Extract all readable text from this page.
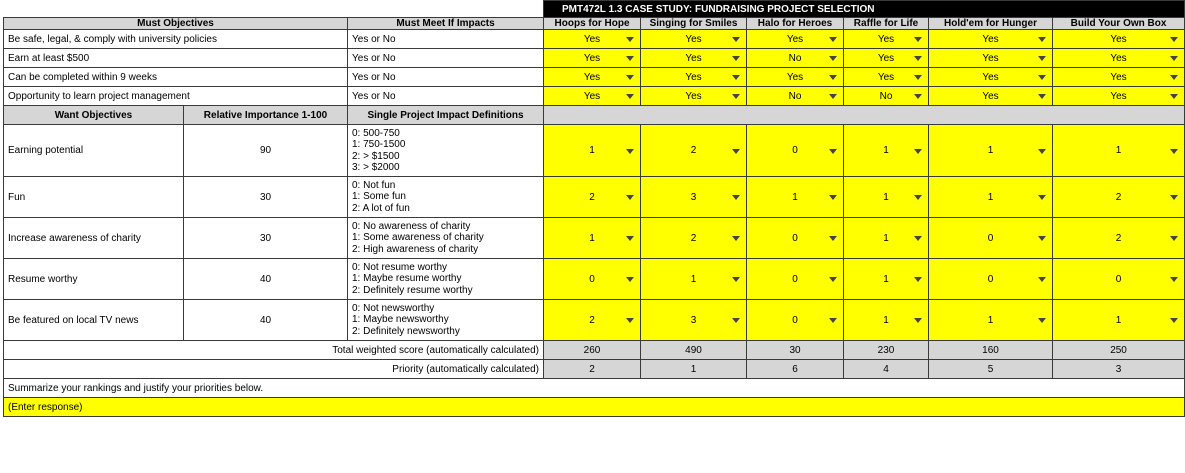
			PMT472L 1.3 CASE STUDY: FUNDRAISING PROJECT SELECTION					
Must Objectives		Must Meet If Impacts	Hoops for Hope	Singing for Smiles	Halo for Heroes	Raffle for Life	Hold'em for Hunger	Build Your Own Box
Be safe, legal, & comply with university policies		Yes or No	Yes	Yes	Yes	Yes	Yes	Yes

Earn at least $500		Yes or No	Yes	Yes	No	Yes	Yes	Yes

Can be completed within 9 weeks		Yes or No	Yes	Yes	Yes	Yes	Yes	Yes

Opportunity to learn project management		Yes or No	Yes	Yes	No	No	Yes	Yes

Want Objectives	Relative Importance 1-100	Single Project Impact Definitions						
Earning potential	90	0: 500-750
1: 750-1500
2: > $1500
3: > $2000	1	2	0	1	1	1

Fun	30	0: Not fun
1: Some fun
2: A lot of fun	2	3	1	1	1	2

Increase awareness of charity	30	0: No awareness of charity
1: Some awareness of charity
2: High awareness of charity	1	2	0	1	0	2

Resume worthy	40	0: Not resume worthy
1: Maybe resume worthy
2: Definitely resume worthy	0	1	0	1	0	0

Be featured on local TV news	40	0: Not newsworthy
1: Maybe newsworthy
2: Definitely newsworthy	2	3	0	1	1	1

Total weighted score (automatically calculated)			260	490	30	230	160	250
Priority (automatically calculated)			2	1	6	4	5	3
Summarize your rankings and justify your priorities below.								
(Enter response)								
